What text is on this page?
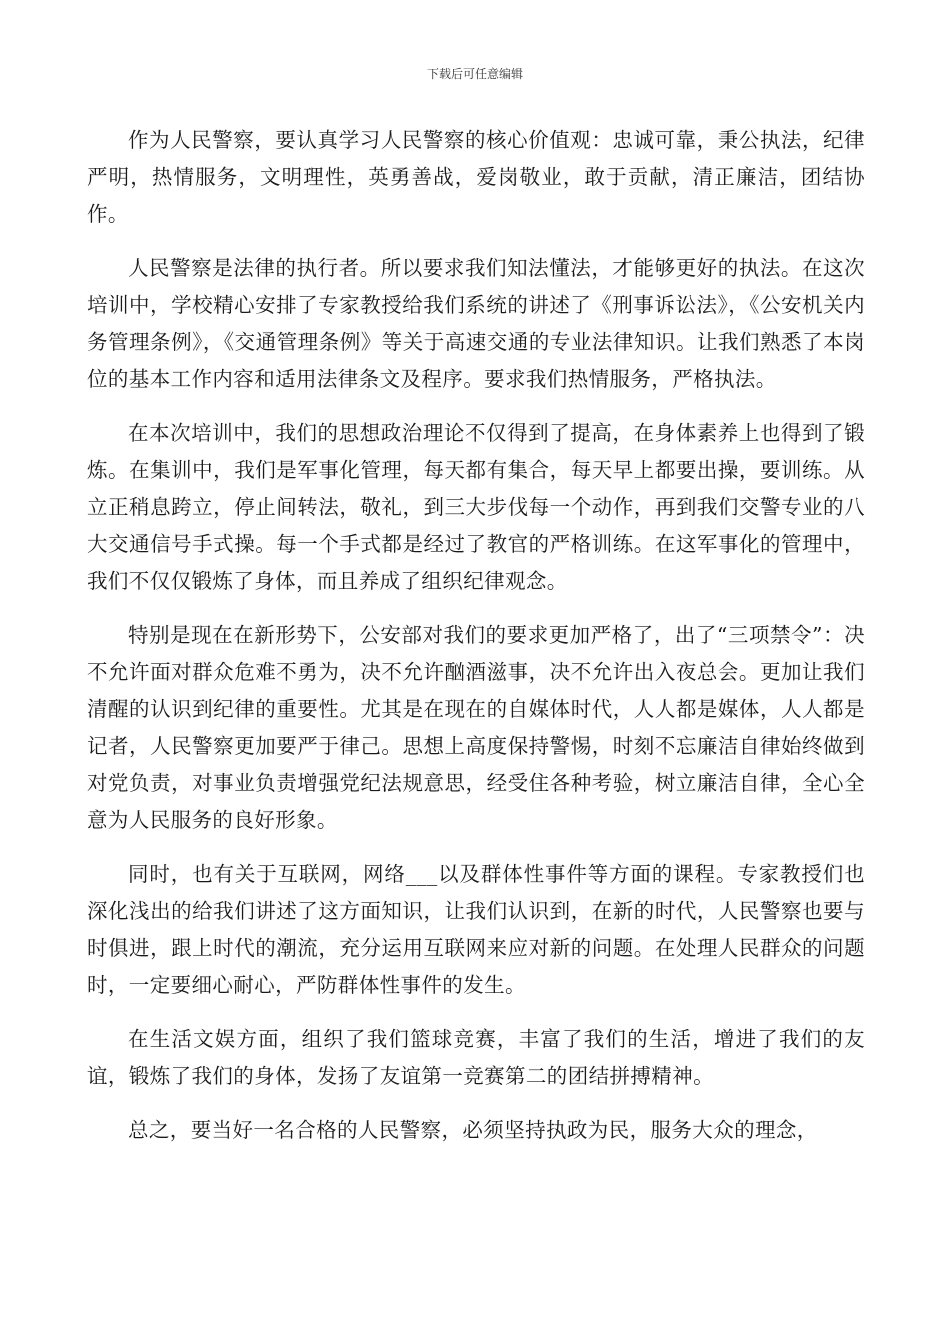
下载后可任意编辑

作为人民警察，要认真学习人民警察的核心价值观：忠诚可靠，秉公执法，纪律严明，热情服务，文明理性，英勇善战，爱岗敬业，敢于贡献，清正廉洁，团结协作。

人民警察是法律的执行者。所以要求我们知法懂法，才能够更好的执法。在这次培训中，学校精心安排了专家教授给我们系统的讲述了《刑事诉讼法》，《公安机关内务管理条例》，《交通管理条例》等关于高速交通的专业法律知识。让我们熟悉了本岗位的基本工作内容和适用法律条文及程序。要求我们热情服务，严格执法。

在本次培训中，我们的思想政治理论不仅得到了提高，在身体素养上也得到了锻炼。在集训中，我们是军事化管理，每天都有集合，每天早上都要出操，要训练。从立正稍息跨立，停止间转法，敬礼，到三大步伐每一个动作，再到我们交警专业的八大交通信号手式操。每一个手式都是经过了教官的严格训练。在这军事化的管理中，我们不仅仅锻炼了身体，而且养成了组织纪律观念。

特别是现在在新形势下，公安部对我们的要求更加严格了，出了“三项禁令”：决不允许面对群众危难不勇为，决不允许酗酒滋事，决不允许出入夜总会。更加让我们清醒的认识到纪律的重要性。尤其是在现在的自媒体时代，人人都是媒体，人人都是记者，人民警察更加要严于律己。思想上高度保持警惕，时刻不忘廉洁自律始终做到对党负责，对事业负责增强党纪法规意思，经受住各种考验，树立廉洁自律，全心全意为人民服务的良好形象。

同时，也有关于互联网，网络___以及群体性事件等方面的课程。专家教授们也深化浅出的给我们讲述了这方面知识，让我们认识到，在新的时代，人民警察也要与时俱进，跟上时代的潮流，充分运用互联网来应对新的问题。在处理人民群众的问题时，一定要细心耐心，严防群体性事件的发生。

在生活文娱方面，组织了我们篮球竞赛，丰富了我们的生活，增进了我们的友谊，锻炼了我们的身体，发扬了友谊第一竞赛第二的团结拼搏精神。

总之，要当好一名合格的人民警察，必须坚持执政为民，服务大众的理念，
